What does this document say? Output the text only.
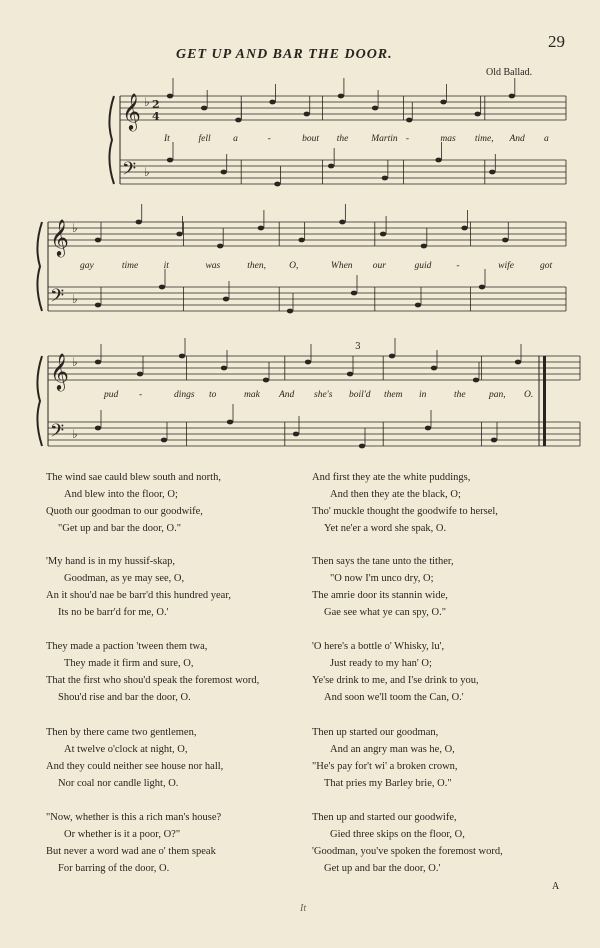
GET UP AND BAR THE DOOR.
29
Old Ballad.
𝄞 ♭
𝄢 ♭
𝄞 ♭
𝄢 ♭
𝄞 ♭
𝄢 ♭
2
4
3
It	fell a	-	bout the Martin -	mas time, And a
gay	time	it	was	then, O,	When our	guid	-	wife	got
pud -	dings to	mak And she's boil'd them in	the pan, O.
The wind sae cauld blew south and north,
And blew into the floor, O;
Quoth our goodman to our goodwife,
"Get up and bar the door, O."
'My hand is in my hussif-skap,
Goodman, as ye may see, O,
An it shou'd nae be barr'd this hundred year,
Its no be barr'd for me, O.'
They made a paction 'tween them twa,
They made it firm and sure, O,
That the first who shou'd speak the foremost word,
Shou'd rise and bar the door, O.
Then by there came two gentlemen,
At twelve o'clock at night, O,
And they could neither see house nor hall,
Nor coal nor candle light, O.
"Now, whether is this a rich man's house?
Or whether is it a poor, O?"
But never a word wad ane o' them speak
For barring of the door, O.
And first they ate the white puddings,
And then they ate the black, O;
Tho' muckle thought the goodwife to hersel,
Yet ne'er a word she spak, O.
Then says the tane unto the tither,
"O now I'm unco dry, O;
The amrie door its stannin wide,
Gae see what ye can spy, O."
'O here's a bottle o' Whisky, lu',
Just ready to my han' O;
Ye'se drink to me, and I'se drink to you,
And soon we'll toom the Can, O.'
Then up started our goodman,
And an angry man was he, O,
"He's pay for't wi' a broken crown,
That pries my Barley brie, O."
Then up and started our goodwife,
Gied three skips on the floor, O,
'Goodman, you've spoken the foremost word,
Get up and bar the door, O.'
A
It
